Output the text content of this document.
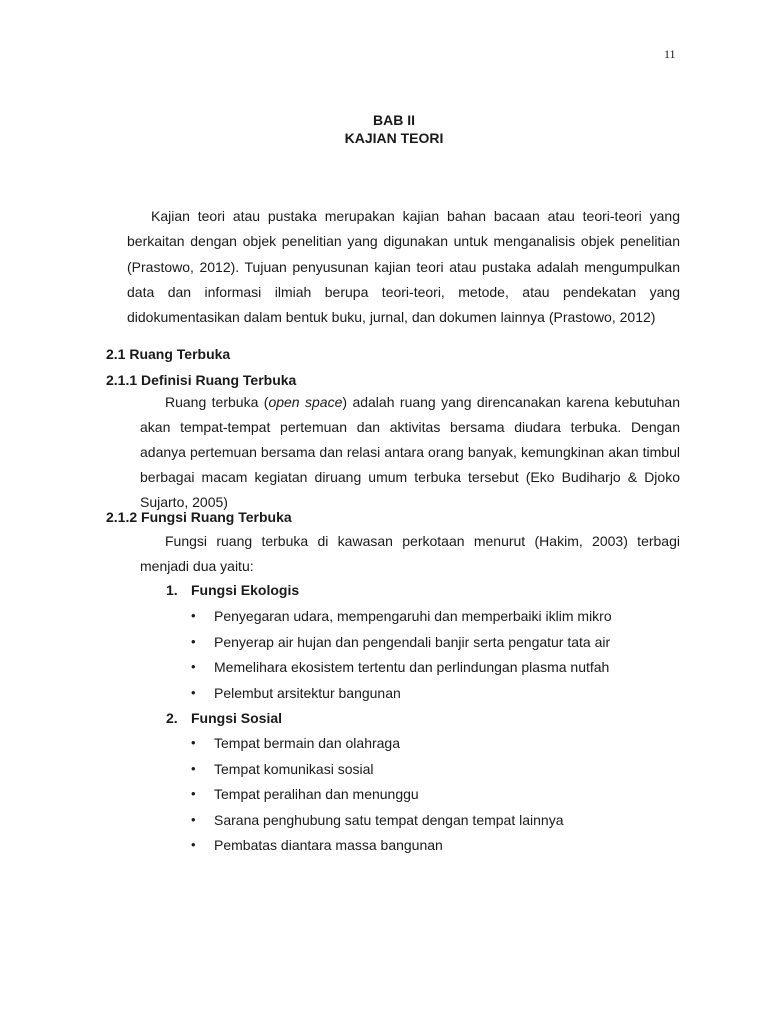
11
BAB II
KAJIAN TEORI

Kajian teori atau pustaka merupakan kajian bahan bacaan atau teori-teori yang berkaitan dengan objek penelitian yang digunakan untuk menganalisis objek penelitian (Prastowo, 2012). Tujuan penyusunan kajian teori atau pustaka adalah mengumpulkan data dan informasi ilmiah berupa teori-teori, metode, atau pendekatan yang didokumentasikan dalam bentuk buku, jurnal, dan dokumen lainnya (Prastowo, 2012)

2.1 Ruang Terbuka
2.1.1 Definisi Ruang Terbuka

Ruang terbuka (open space) adalah ruang yang direncanakan karena kebutuhan akan tempat-tempat pertemuan dan aktivitas bersama diudara terbuka. Dengan adanya pertemuan bersama dan relasi antara orang banyak, kemungkinan akan timbul berbagai macam kegiatan diruang umum terbuka tersebut (Eko Budiharjo & Djoko Sujarto, 2005)

2.1.2 Fungsi Ruang Terbuka

Fungsi ruang terbuka di kawasan perkotaan menurut (Hakim, 2003) terbagi menjadi dua yaitu:

1. Fungsi Ekologis
• Penyegaran udara, mempengaruhi dan memperbaiki iklim mikro
• Penyerap air hujan dan pengendali banjir serta pengatur tata air
• Memelihara ekosistem tertentu dan perlindungan plasma nutfah
• Pelembut arsitektur bangunan
2. Fungsi Sosial
• Tempat bermain dan olahraga
• Tempat komunikasi sosial
• Tempat peralihan dan menunggu
• Sarana penghubung satu tempat dengan tempat lainnya
• Pembatas diantara massa bangunan
